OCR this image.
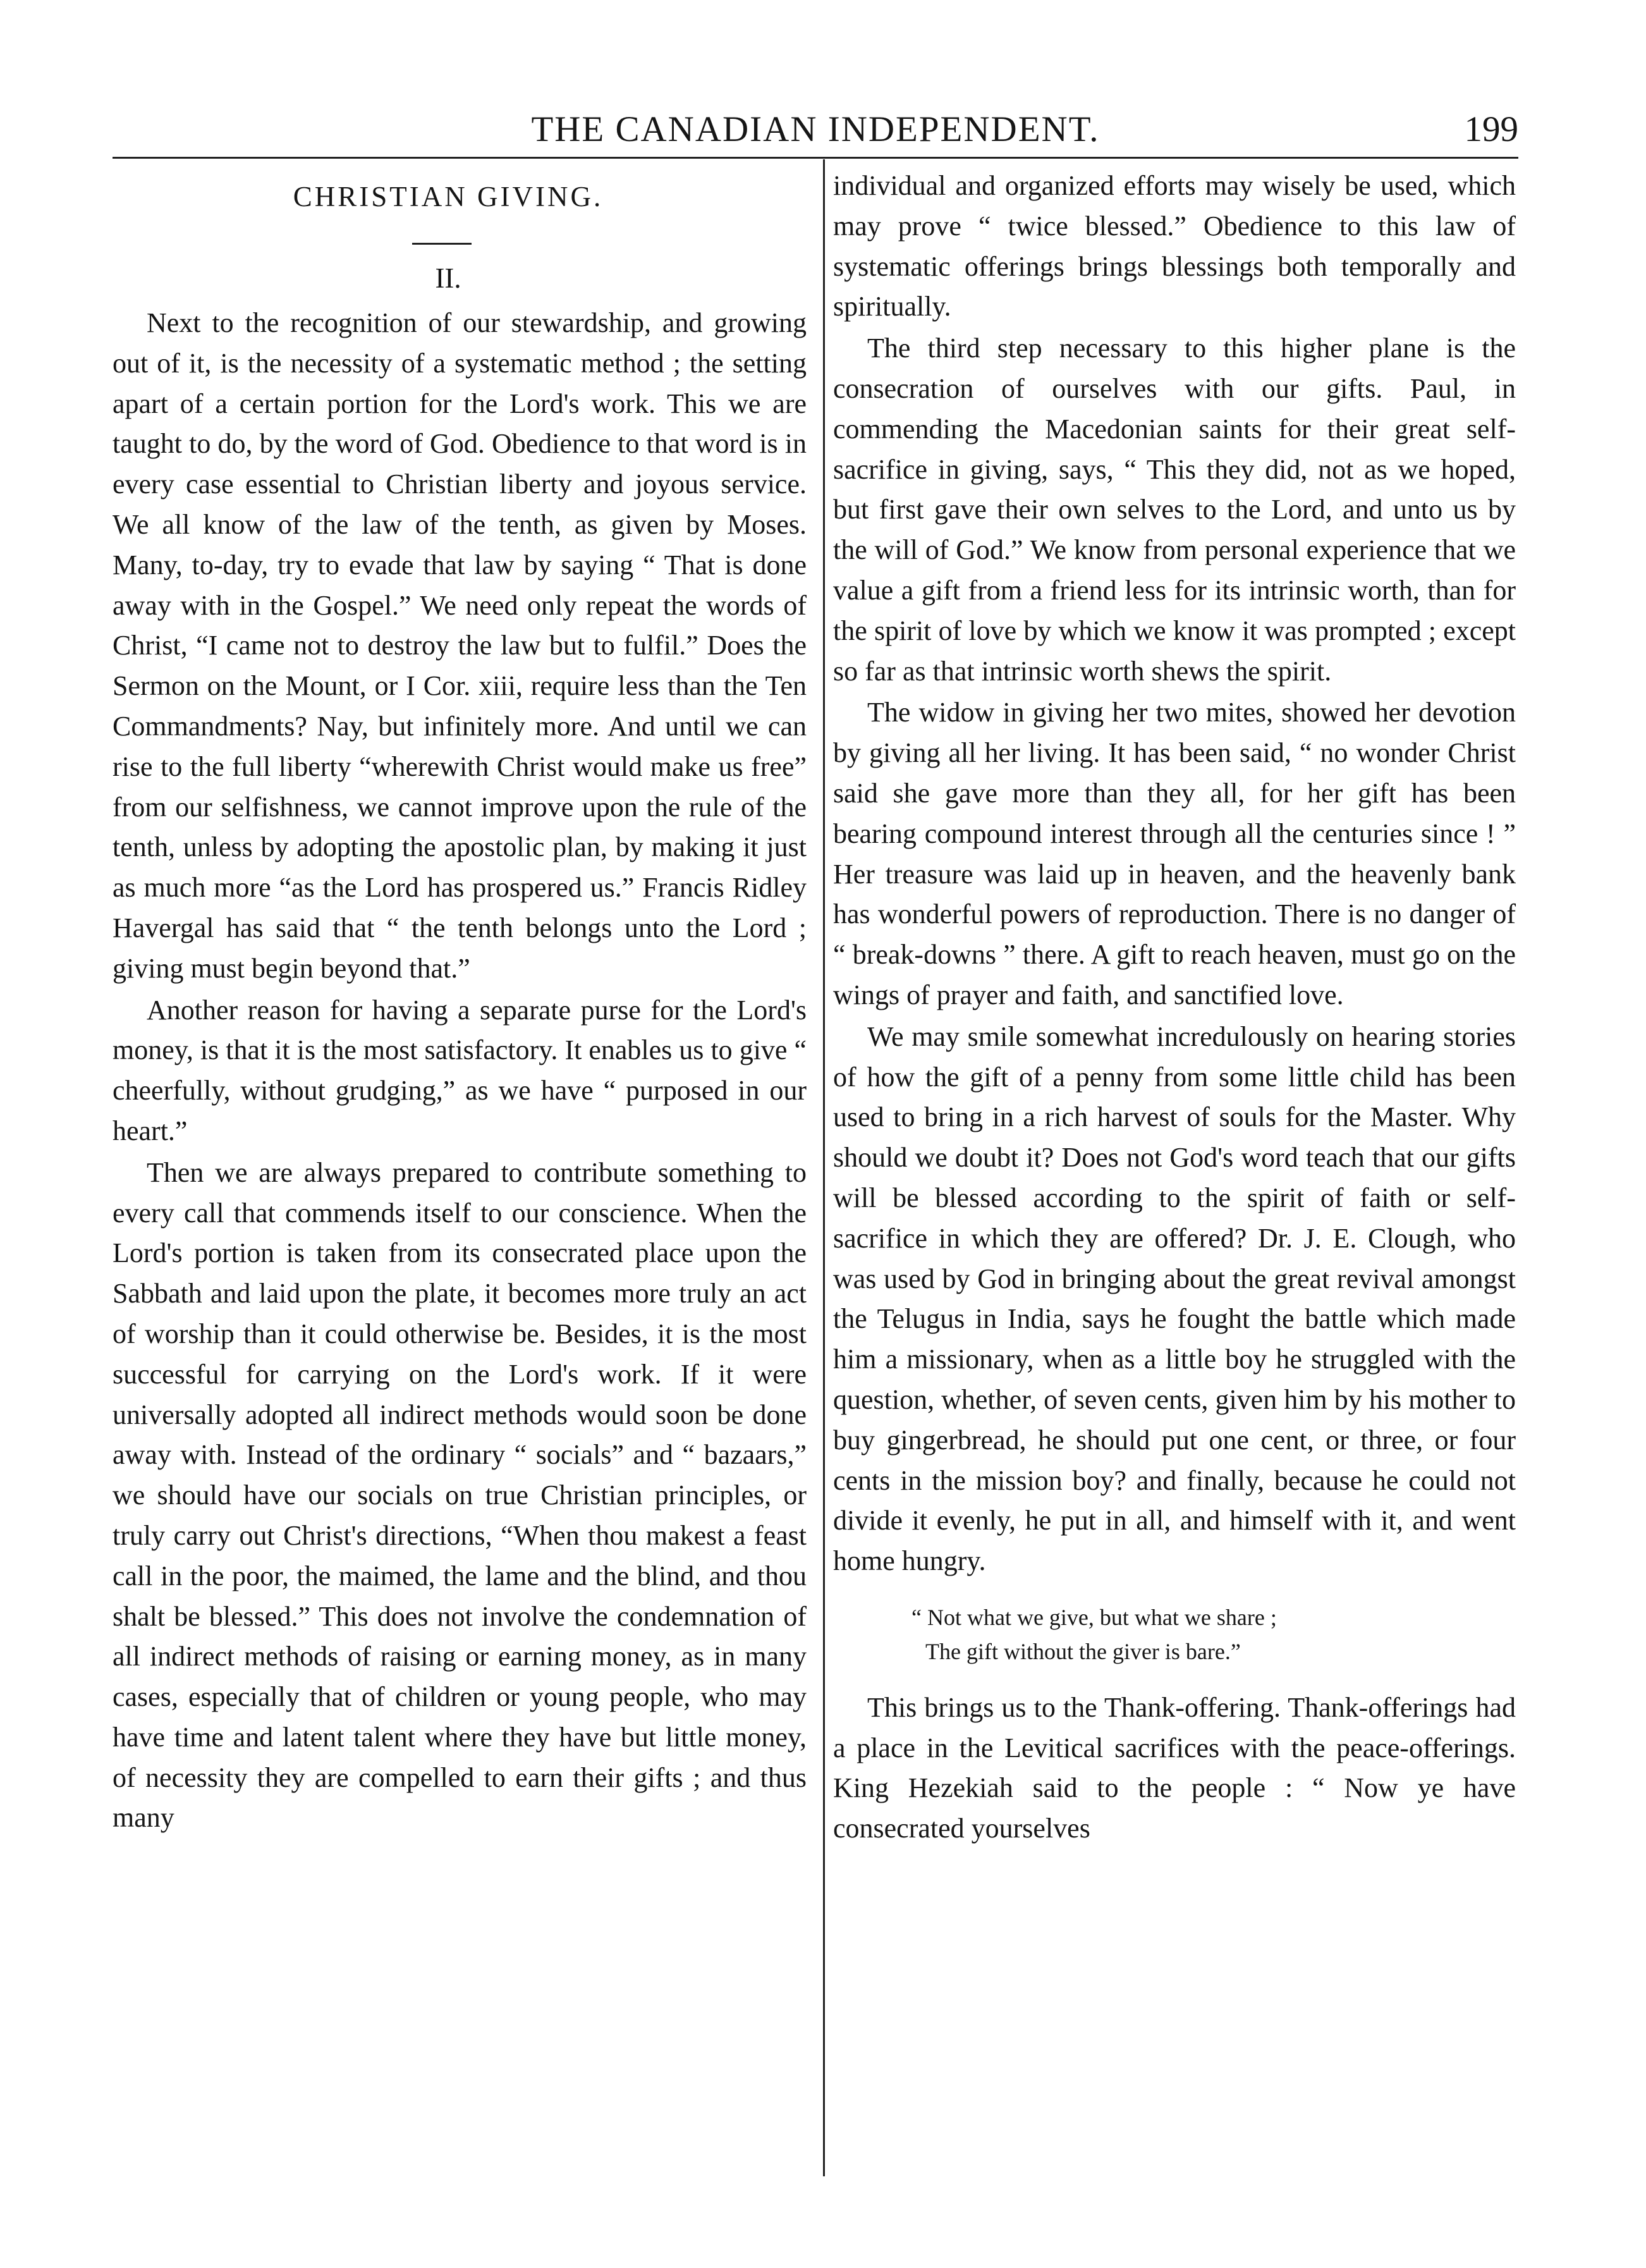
THE CANADIAN INDEPENDENT.	199
CHRISTIAN GIVING.
II.

Next to the recognition of our stewardship, and growing out of it, is the necessity of a systematic method ; the setting apart of a certain portion for the Lord's work. This we are taught to do, by the word of God. Obedience to that word is in every case essential to Christian liberty and joyous service. We all know of the law of the tenth, as given by Moses. Many, to-day, try to evade that law by saying “ That is done away with in the Gospel.” We need only repeat the words of Christ, “I came not to destroy the law but to fulfil.” Does the Sermon on the Mount, or I Cor. xiii, require less than the Ten Commandments? Nay, but infinitely more. And until we can rise to the full liberty “wherewith Christ would make us free” from our selfishness, we cannot improve upon the rule of the tenth, unless by adopting the apostolic plan, by making it just as much more “as the Lord has prospered us.” Francis Ridley Havergal has said that “ the tenth belongs unto the Lord ; giving must begin beyond that.”

Another reason for having a separate purse for the Lord's money, is that it is the most satisfactory. It enables us to give “ cheerfully, without grudging,” as we have “ purposed in our heart.”

Then we are always prepared to contribute something to every call that commends itself to our conscience. When the Lord's portion is taken from its consecrated place upon the Sabbath and laid upon the plate, it becomes more truly an act of worship than it could otherwise be. Besides, it is the most successful for carrying on the Lord's work. If it were universally adopted all indirect methods would soon be done away with. Instead of the ordinary “ socials” and “ bazaars,” we should have our socials on true Christian principles, or truly carry out Christ's directions, “When thou makest a feast call in the poor, the maimed, the lame and the blind, and thou shalt be blessed.” This does not involve the condemnation of all indirect methods of raising or earning money, as in many cases, especially that of children or young people, who may have time and latent talent where they have but little money, of necessity they are compelled to earn their gifts ; and thus many

individual and organized efforts may wisely be used, which may prove “ twice blessed.” Obedience to this law of systematic offerings brings blessings both temporally and spiritually.

The third step necessary to this higher plane is the consecration of ourselves with our gifts. Paul, in commending the Macedonian saints for their great self-sacrifice in giving, says, “ This they did, not as we hoped, but first gave their own selves to the Lord, and unto us by the will of God.” We know from personal experience that we value a gift from a friend less for its intrinsic worth, than for the spirit of love by which we know it was prompted ; except so far as that intrinsic worth shews the spirit.

The widow in giving her two mites, showed her devotion by giving all her living. It has been said, “ no wonder Christ said she gave more than they all, for her gift has been bearing compound interest through all the centuries since ! ” Her treasure was laid up in heaven, and the heavenly bank has wonderful powers of reproduction. There is no danger of “ break-downs ” there. A gift to reach heaven, must go on the wings of prayer and faith, and sanctified love.

We may smile somewhat incredulously on hearing stories of how the gift of a penny from some little child has been used to bring in a rich harvest of souls for the Master. Why should we doubt it? Does not God's word teach that our gifts will be blessed according to the spirit of faith or self-sacrifice in which they are offered? Dr. J. E. Clough, who was used by God in bringing about the great revival amongst the Telugus in India, says he fought the battle which made him a missionary, when as a little boy he struggled with the question, whether, of seven cents, given him by his mother to buy gingerbread, he should put one cent, or three, or four cents in the mission boy? and finally, because he could not divide it evenly, he put in all, and himself with it, and went home hungry.

“ Not what we give, but what we share ;
The gift without the giver is bare.”

This brings us to the Thank-offering. Thank-offerings had a place in the Levitical sacrifices with the peace-offerings. King Hezekiah said to the people : “ Now ye have consecrated yourselves
